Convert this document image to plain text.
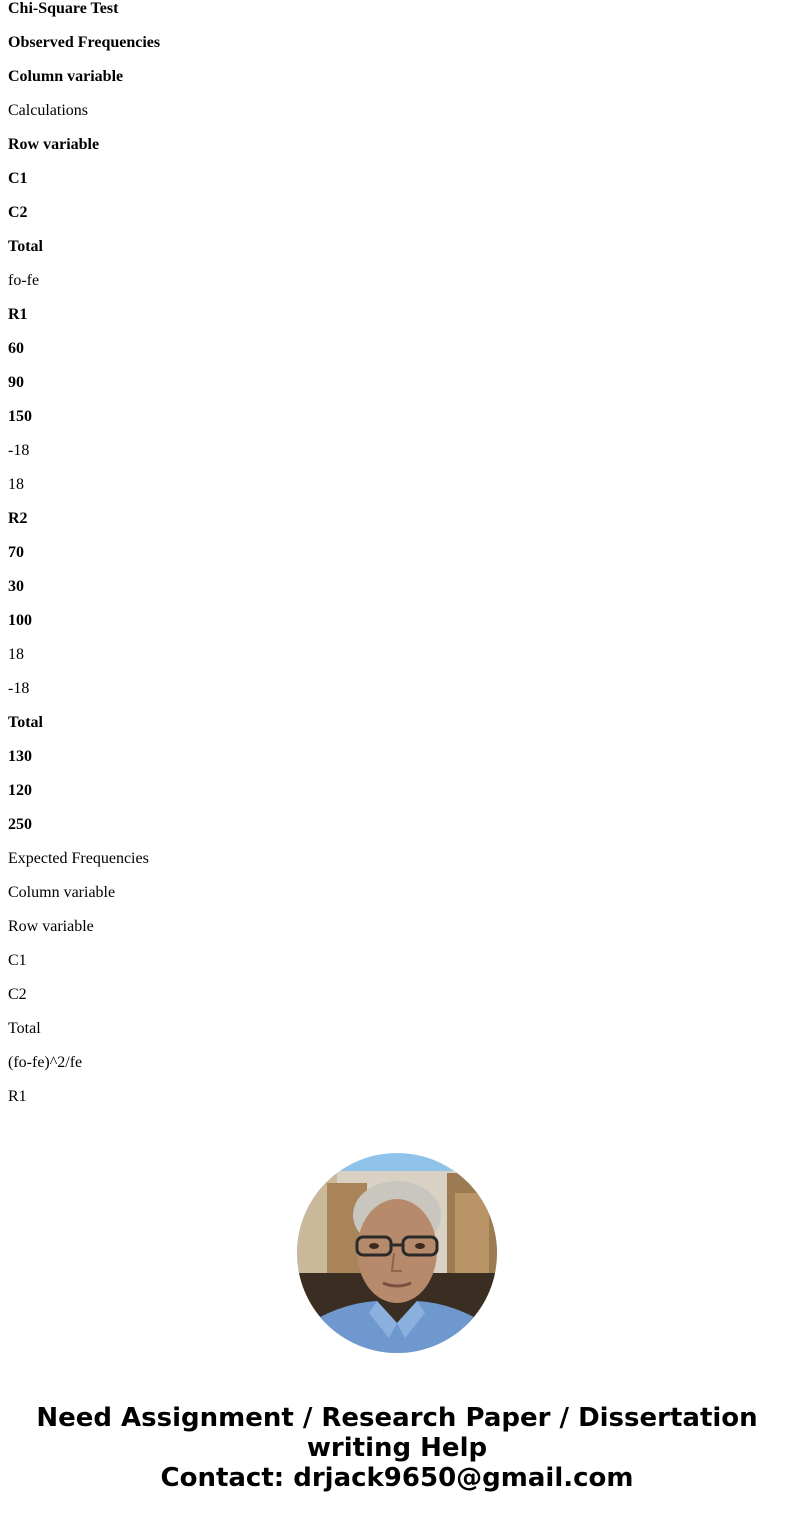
Chi-Square Test
Observed Frequencies
Column variable
Calculations
Row variable
C1
C2
Total
fo-fe
R1
60
90
150
-18
18
R2
70
30
100
18
-18
Total
130
120
250
Expected Frequencies
Column variable
Row variable
C1
C2
Total
(fo-fe)^2/fe
R1
Need Assignment / Research Paper / Dissertation
writing Help
Contact: drjack9650@gmail.com
